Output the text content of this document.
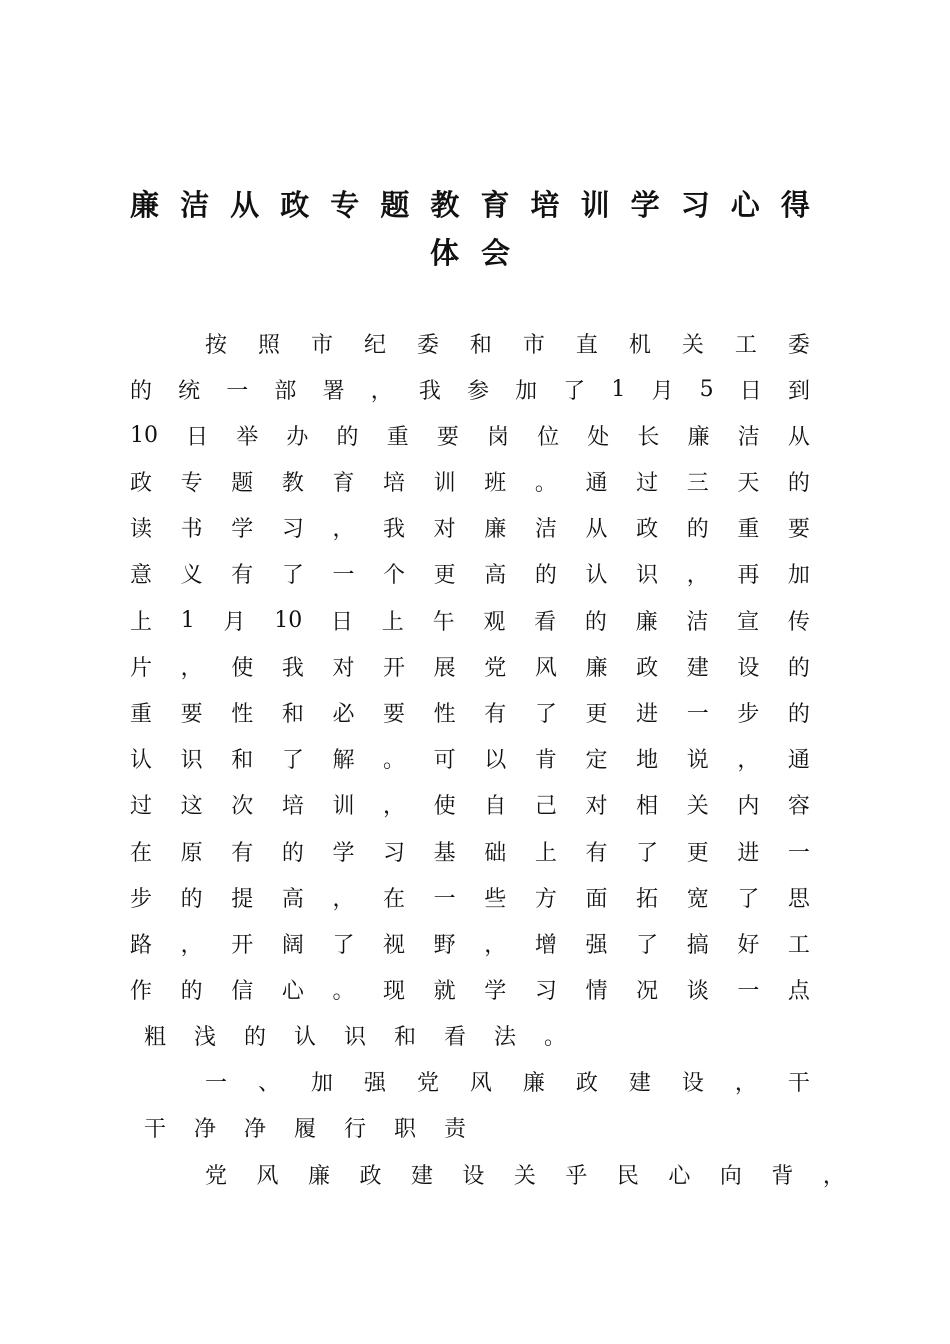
廉 洁 从 政 专 题 教 育 培 训 学 习 心 得
体 会
按 照 市 纪 委 和 市 直 机 关 工 委
的 统 一 部 署 ， 我 参 加 了 1 月 5 日 到
10 日 举 办 的 重 要 岗 位 处 长 廉 洁 从
政 专 题 教 育 培 训 班 。 通 过 三 天 的
读 书 学 习 ， 我 对 廉 洁 从 政 的 重 要
意 义 有 了 一 个 更 高 的 认 识 ， 再 加
上 1 月 10 日 上 午 观 看 的 廉 洁 宣 传
片 ， 使 我 对 开 展 党 风 廉 政 建 设 的
重 要 性 和 必 要 性 有 了 更 进 一 步 的
认 识 和 了 解 。 可 以 肯 定 地 说 ， 通
过 这 次 培 训 ， 使 自 己 对 相 关 内 容
在 原 有 的 学 习 基 础 上 有 了 更 进 一
步 的 提 高 ， 在 一 些 方 面 拓 宽 了 思
路 ， 开 阔 了 视 野 ， 增 强 了 搞 好 工
作 的 信 心 。 现 就 学 习 情 况 谈 一 点
粗	浅	的	认	识	和	看	法	。
一 、 加 强 党 风 廉 政 建 设 ， 干
干	净	净	履	行	职	责
党 风 廉 政 建 设 关 乎 民 心 向 背 ，
